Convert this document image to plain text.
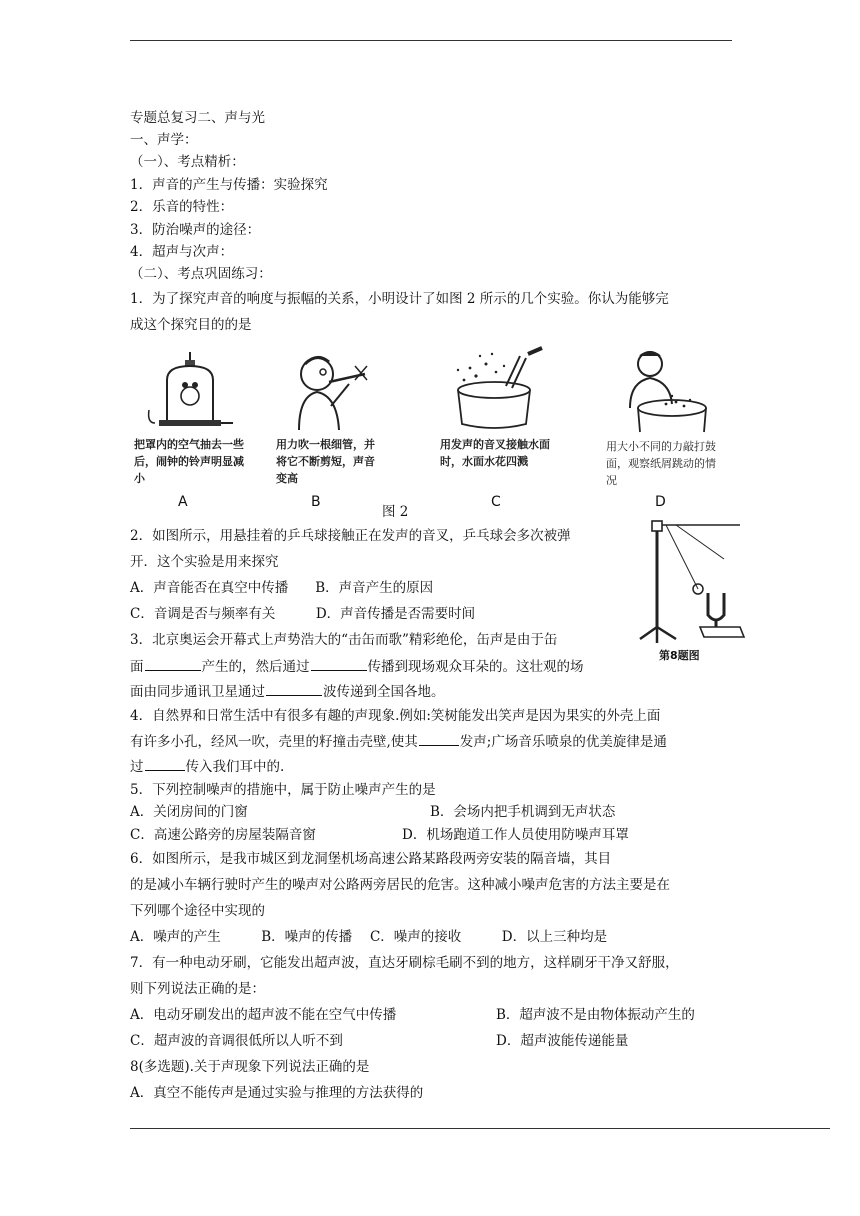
专题总复习二、声与光
一、声学：
（一）、考点精析：
1．声音的产生与传播：实验探究
2．乐音的特性：
3．防治噪声的途径：
4．超声与次声：
（二）、考点巩固练习：
1．为了探究声音的响度与振幅的关系，小明设计了如图 2 所示的几个实验。你认为能够完
成这个探究目的的是
把罩内的空气抽去一些后，闹钟的铃声明显减小
用力吹一根细管，并将它不断剪短，声音变高
用发声的音叉接触水面时，水面水花四溅
用大小不同的力敲打鼓面，观察纸屑跳动的情况
A	B
图 2
C	D
第8题图
2．如图所示，用悬挂着的乒乓球接触正在发声的音叉，乒乓球会多次被弹
开．这个实验是用来探究
A．声音能否在真空中传播　　B．声音产生的原因
C．音调是否与频率有关　　　D．声音传播是否需要时间
3．北京奥运会开幕式上声势浩大的“击缶而歌”精彩绝伦，缶声是由于缶
面	产生的，然后通过	传播到现场观众耳朵的。这壮观的场
面由同步通讯卫星通过	波传递到全国各地。
4．自然界和日常生活中有很多有趣的声现象.例如:笑树能发出笑声是因为果实的外壳上面
有许多小孔，经风一吹，壳里的籽撞击壳壁,使其	发声;广场音乐喷泉的优美旋律是通
过	传入我们耳中的.
5．下列控制噪声的措施中，属于防止噪声产生的是
A．关闭房间的门窗	B．会场内把手机调到无声状态
C．高速公路旁的房屋装隔音窗	D．机场跑道工作人员使用防噪声耳罩
6．如图所示，是我市城区到龙洞堡机场高速公路某路段两旁安装的隔音墙，其目
的是减小车辆行驶时产生的噪声对公路两旁居民的危害。这种减小噪声危害的方法主要是在
下列哪个途径中实现的
A．噪声的产生　　　B．噪声的传播　 C．噪声的接收　　　D．以上三种均是
7．有一种电动牙刷，它能发出超声波，直达牙刷棕毛刷不到的地方，这样刷牙干净又舒服，
则下列说法正确的是：
A．电动牙刷发出的超声波不能在空气中传播	B．超声波不是由物体振动产生的
C．超声波的音调很低所以人听不到	D．超声波能传递能量
8(多选题).关于声现象下列说法正确的是
A．真空不能传声是通过实验与推理的方法获得的
